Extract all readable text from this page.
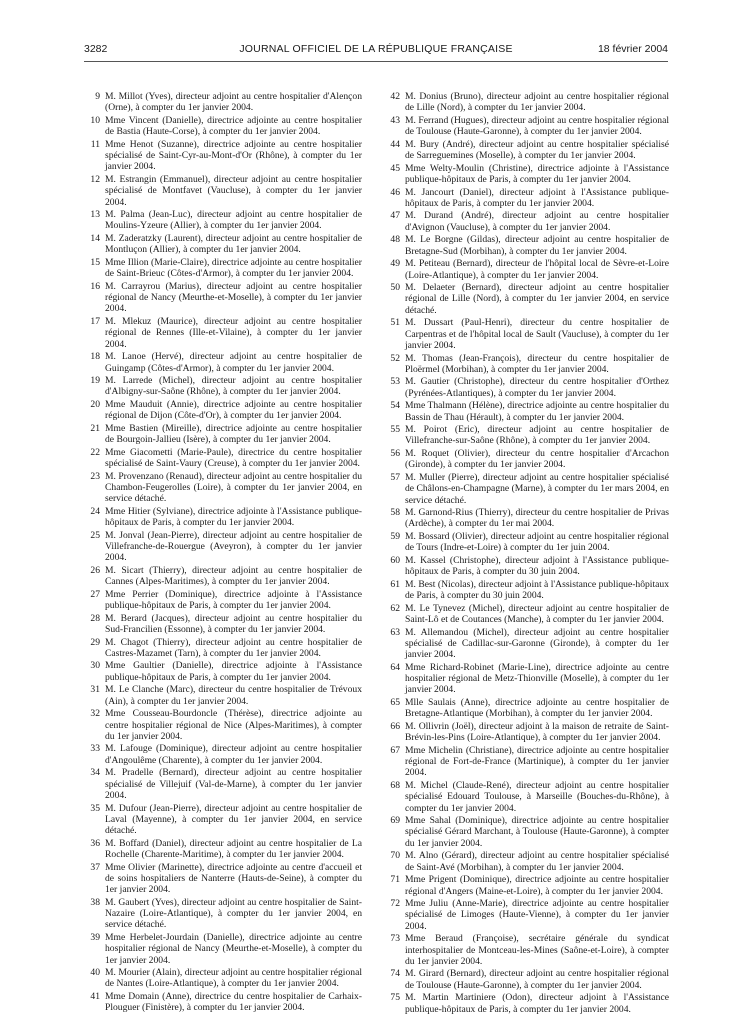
3282	JOURNAL OFFICIEL DE LA RÉPUBLIQUE FRANÇAISE	18 février 2004
9 M. Millot (Yves), directeur adjoint au centre hospitalier d'Alençon (Orne), à compter du 1er janvier 2004.
10 Mme Vincent (Danielle), directrice adjointe au centre hospitalier de Bastia (Haute-Corse), à compter du 1er janvier 2004.
11 Mme Henot (Suzanne), directrice adjointe au centre hospitalier spécialisé de Saint-Cyr-au-Mont-d'Or (Rhône), à compter du 1er janvier 2004.
12 M. Estrangin (Emmanuel), directeur adjoint au centre hospitalier spécialisé de Montfavet (Vaucluse), à compter du 1er janvier 2004.
13 M. Palma (Jean-Luc), directeur adjoint au centre hospitalier de Moulins-Yzeure (Allier), à compter du 1er janvier 2004.
14 M. Zaderatzky (Laurent), directeur adjoint au centre hospitalier de Montluçon (Allier), à compter du 1er janvier 2004.
15 Mme Illion (Marie-Claire), directrice adjointe au centre hospitalier de Saint-Brieuc (Côtes-d'Armor), à compter du 1er janvier 2004.
16 M. Carrayrou (Marius), directeur adjoint au centre hospitalier régional de Nancy (Meurthe-et-Moselle), à compter du 1er janvier 2004.
17 M. Mlekuz (Maurice), directeur adjoint au centre hospitalier régional de Rennes (Ille-et-Vilaine), à compter du 1er janvier 2004.
18 M. Lanoe (Hervé), directeur adjoint au centre hospitalier de Guingamp (Côtes-d'Armor), à compter du 1er janvier 2004.
19 M. Larrede (Michel), directeur adjoint au centre hospitalier d'Albigny-sur-Saône (Rhône), à compter du 1er janvier 2004.
20 Mme Mauduit (Annie), directrice adjointe au centre hospitalier régional de Dijon (Côte-d'Or), à compter du 1er janvier 2004.
21 Mme Bastien (Mireille), directrice adjointe au centre hospitalier de Bourgoin-Jallieu (Isère), à compter du 1er janvier 2004.
22 Mme Giacometti (Marie-Paule), directrice du centre hospitalier spécialisé de Saint-Vaury (Creuse), à compter du 1er janvier 2004.
23 M. Provenzano (Renaud), directeur adjoint au centre hospitalier du Chambon-Feugerolles (Loire), à compter du 1er janvier 2004, en service détaché.
24 Mme Hitier (Sylviane), directrice adjointe à l'Assistance publique-hôpitaux de Paris, à compter du 1er janvier 2004.
25 M. Jonval (Jean-Pierre), directeur adjoint au centre hospitalier de Villefranche-de-Rouergue (Aveyron), à compter du 1er janvier 2004.
26 M. Sicart (Thierry), directeur adjoint au centre hospitalier de Cannes (Alpes-Maritimes), à compter du 1er janvier 2004.
27 Mme Perrier (Dominique), directrice adjointe à l'Assistance publique-hôpitaux de Paris, à compter du 1er janvier 2004.
28 M. Berard (Jacques), directeur adjoint au centre hospitalier du Sud-Francilien (Essonne), à compter du 1er janvier 2004.
29 M. Chagot (Thierry), directeur adjoint au centre hospitalier de Castres-Mazamet (Tarn), à compter du 1er janvier 2004.
30 Mme Gaultier (Danielle), directrice adjointe à l'Assistance publique-hôpitaux de Paris, à compter du 1er janvier 2004.
31 M. Le Clanche (Marc), directeur du centre hospitalier de Trévoux (Ain), à compter du 1er janvier 2004.
32 Mme Cousseau-Bourdoncle (Thérèse), directrice adjointe au centre hospitalier régional de Nice (Alpes-Maritimes), à compter du 1er janvier 2004.
33 M. Lafouge (Dominique), directeur adjoint au centre hospitalier d'Angoulême (Charente), à compter du 1er janvier 2004.
34 M. Pradelle (Bernard), directeur adjoint au centre hospitalier spécialisé de Villejuif (Val-de-Marne), à compter du 1er janvier 2004.
35 M. Dufour (Jean-Pierre), directeur adjoint au centre hospitalier de Laval (Mayenne), à compter du 1er janvier 2004, en service détaché.
36 M. Boffard (Daniel), directeur adjoint au centre hospitalier de La Rochelle (Charente-Maritime), à compter du 1er janvier 2004.
37 Mme Olivier (Marinette), directrice adjointe au centre d'accueil et de soins hospitaliers de Nanterre (Hauts-de-Seine), à compter du 1er janvier 2004.
38 M. Gaubert (Yves), directeur adjoint au centre hospitalier de Saint-Nazaire (Loire-Atlantique), à compter du 1er janvier 2004, en service détaché.
39 Mme Herbelet-Jourdain (Danielle), directrice adjointe au centre hospitalier régional de Nancy (Meurthe-et-Moselle), à compter du 1er janvier 2004.
40 M. Mourier (Alain), directeur adjoint au centre hospitalier régional de Nantes (Loire-Atlantique), à compter du 1er janvier 2004.
41 Mme Domain (Anne), directrice du centre hospitalier de Carhaix-Plouguer (Finistère), à compter du 1er janvier 2004.
42 M. Donius (Bruno), directeur adjoint au centre hospitalier régional de Lille (Nord), à compter du 1er janvier 2004.
43 M. Ferrand (Hugues), directeur adjoint au centre hospitalier régional de Toulouse (Haute-Garonne), à compter du 1er janvier 2004.
44 M. Bury (André), directeur adjoint au centre hospitalier spécialisé de Sarreguemines (Moselle), à compter du 1er janvier 2004.
45 Mme Welty-Moulin (Christine), directrice adjointe à l'Assistance publique-hôpitaux de Paris, à compter du 1er janvier 2004.
46 M. Jancourt (Daniel), directeur adjoint à l'Assistance publique-hôpitaux de Paris, à compter du 1er janvier 2004.
47 M. Durand (André), directeur adjoint au centre hospitalier d'Avignon (Vaucluse), à compter du 1er janvier 2004.
48 M. Le Borgne (Gildas), directeur adjoint au centre hospitalier de Bretagne-Sud (Morbihan), à compter du 1er janvier 2004.
49 M. Petiteau (Bernard), directeur de l'hôpital local de Sèvre-et-Loire (Loire-Atlantique), à compter du 1er janvier 2004.
50 M. Delaeter (Bernard), directeur adjoint au centre hospitalier régional de Lille (Nord), à compter du 1er janvier 2004, en service détaché.
51 M. Dussart (Paul-Henri), directeur du centre hospitalier de Carpentras et de l'hôpital local de Sault (Vaucluse), à compter du 1er janvier 2004.
52 M. Thomas (Jean-François), directeur du centre hospitalier de Ploërmel (Morbihan), à compter du 1er janvier 2004.
53 M. Gautier (Christophe), directeur du centre hospitalier d'Orthez (Pyrénées-Atlantiques), à compter du 1er janvier 2004.
54 Mme Thalmann (Hélène), directrice adjointe au centre hospitalier du Bassin de Thau (Hérault), à compter du 1er janvier 2004.
55 M. Poirot (Eric), directeur adjoint au centre hospitalier de Villefranche-sur-Saône (Rhône), à compter du 1er janvier 2004.
56 M. Roquet (Olivier), directeur du centre hospitalier d'Arcachon (Gironde), à compter du 1er janvier 2004.
57 M. Muller (Pierre), directeur adjoint au centre hospitalier spécialisé de Châlons-en-Champagne (Marne), à compter du 1er mars 2004, en service détaché.
58 M. Garnond-Rius (Thierry), directeur du centre hospitalier de Privas (Ardèche), à compter du 1er mai 2004.
59 M. Bossard (Olivier), directeur adjoint au centre hospitalier régional de Tours (Indre-et-Loire) à compter du 1er juin 2004.
60 M. Kassel (Christophe), directeur adjoint à l'Assistance publique-hôpitaux de Paris, à compter du 30 juin 2004.
61 M. Best (Nicolas), directeur adjoint à l'Assistance publique-hôpitaux de Paris, à compter du 30 juin 2004.
62 M. Le Tynevez (Michel), directeur adjoint au centre hospitalier de Saint-Lô et de Coutances (Manche), à compter du 1er janvier 2004.
63 M. Allemandou (Michel), directeur adjoint au centre hospitalier spécialisé de Cadillac-sur-Garonne (Gironde), à compter du 1er janvier 2004.
64 Mme Richard-Robinet (Marie-Line), directrice adjointe au centre hospitalier régional de Metz-Thionville (Moselle), à compter du 1er janvier 2004.
65 Mlle Saulais (Anne), directrice adjointe au centre hospitalier de Bretagne-Atlantique (Morbihan), à compter du 1er janvier 2004.
66 M. Ollivrin (Joël), directeur adjoint à la maison de retraite de Saint-Brévin-les-Pins (Loire-Atlantique), à compter du 1er janvier 2004.
67 Mme Michelin (Christiane), directrice adjointe au centre hospitalier régional de Fort-de-France (Martinique), à compter du 1er janvier 2004.
68 M. Michel (Claude-René), directeur adjoint au centre hospitalier spécialisé Edouard Toulouse, à Marseille (Bouches-du-Rhône), à compter du 1er janvier 2004.
69 Mme Sahal (Dominique), directrice adjointe au centre hospitalier spécialisé Gérard Marchant, à Toulouse (Haute-Garonne), à compter du 1er janvier 2004.
70 M. Alno (Gérard), directeur adjoint au centre hospitalier spécialisé de Saint-Avé (Morbihan), à compter du 1er janvier 2004.
71 Mme Prigent (Dominique), directrice adjointe au centre hospitalier régional d'Angers (Maine-et-Loire), à compter du 1er janvier 2004.
72 Mme Juliu (Anne-Marie), directrice adjointe au centre hospitalier spécialisé de Limoges (Haute-Vienne), à compter du 1er janvier 2004.
73 Mme Beraud (Françoise), secrétaire générale du syndicat interhospitalier de Montceau-les-Mines (Saône-et-Loire), à compter du 1er janvier 2004.
74 M. Girard (Bernard), directeur adjoint au centre hospitalier régional de Toulouse (Haute-Garonne), à compter du 1er janvier 2004.
75 M. Martin Martiniere (Odon), directeur adjoint à l'Assistance publique-hôpitaux de Paris, à compter du 1er janvier 2004.
